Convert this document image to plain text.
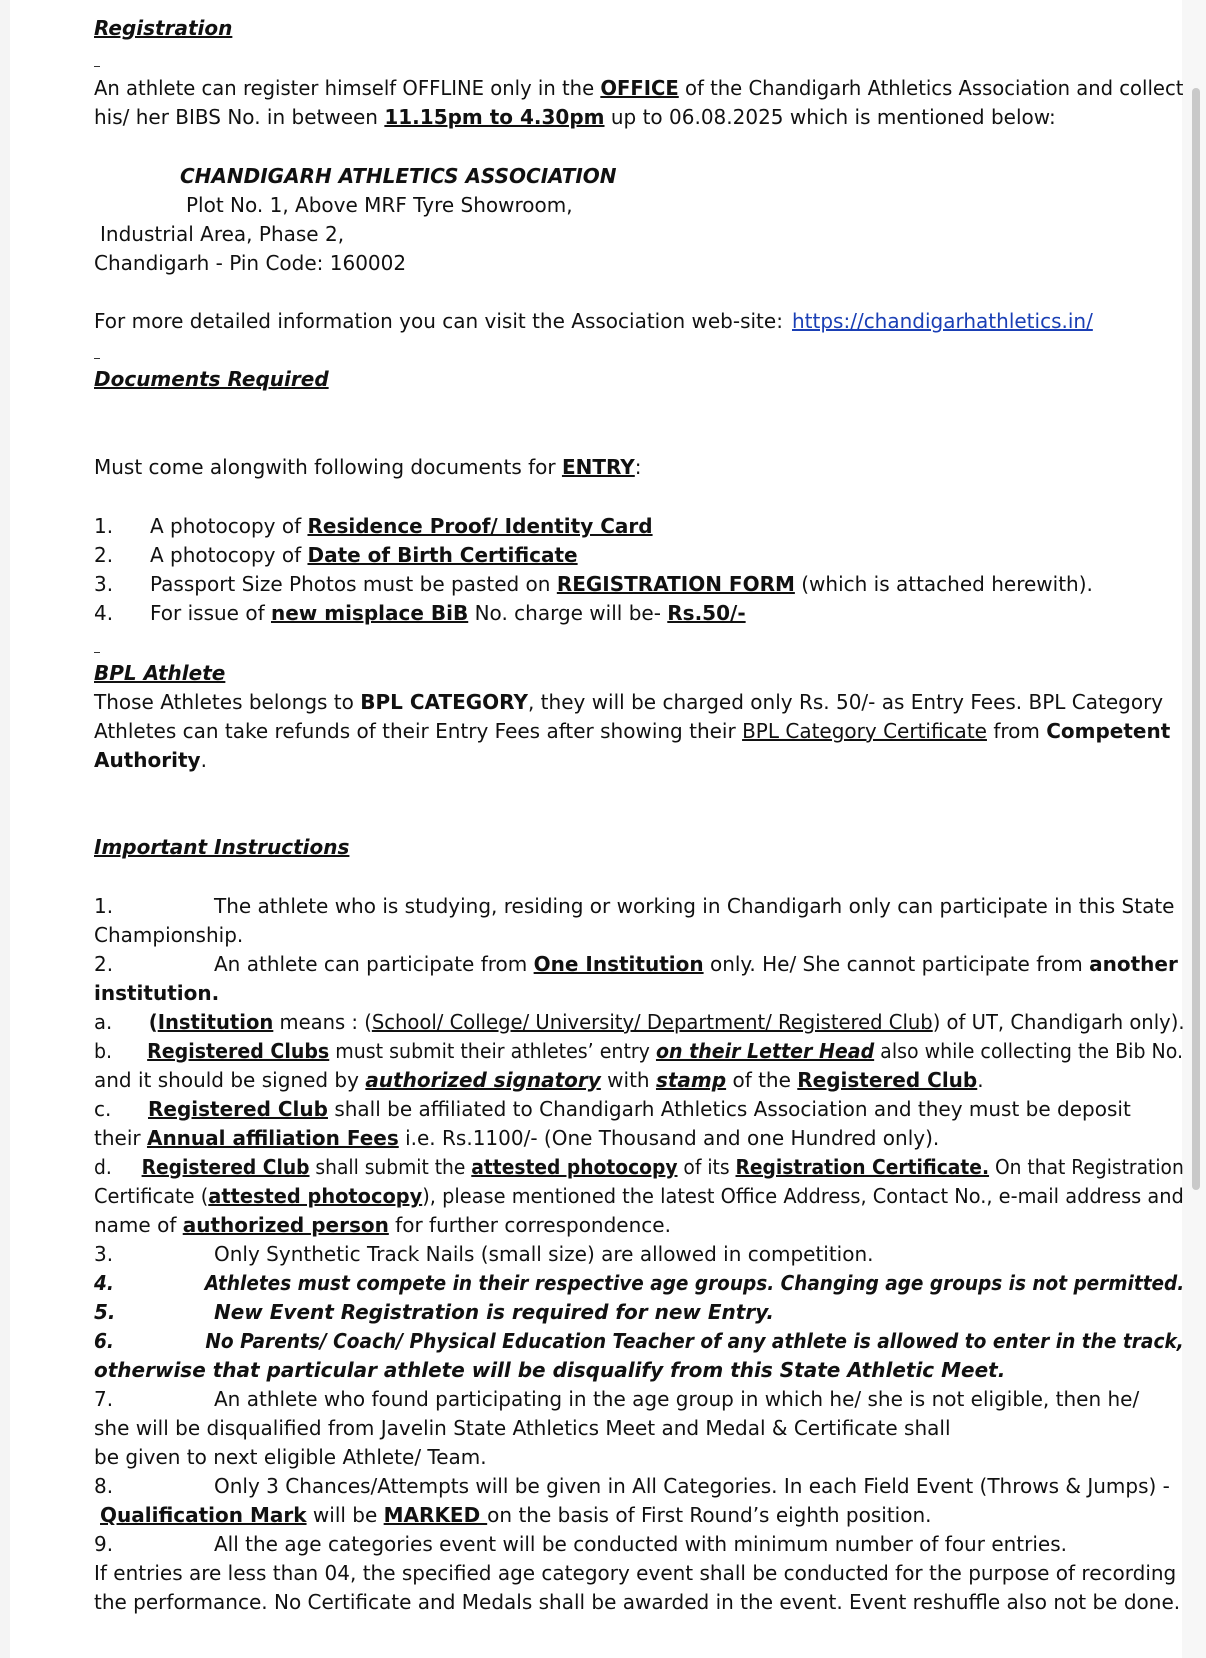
Registration
An athlete can register himself OFFLINE only in the OFFICE of the Chandigarh Athletics Association and collect
his/ her BIBS No. in between 11.15pm to 4.30pm up to 06.08.2025 which is mentioned below:
CHANDIGARH ATHLETICS ASSOCIATION
Plot No. 1, Above MRF Tyre Showroom,
Industrial Area, Phase 2,
Chandigarh - Pin Code: 160002
For more detailed information you can visit the Association web-site: https://chandigarhathletics.in/
Documents Required
Must come alongwith following documents for ENTRY:
1. A photocopy of Residence Proof/ Identity Card
2. A photocopy of Date of Birth Certificate
3. Passport Size Photos must be pasted on REGISTRATION FORM (which is attached herewith).
4. For issue of new misplace BiB No. charge will be- Rs.50/-
BPL Athlete
Those Athletes belongs to BPL CATEGORY, they will be charged only Rs. 50/- as Entry Fees. BPL Category
Athletes can take refunds of their Entry Fees after showing their BPL Category Certificate from Competent
Authority.
Important Instructions
1.	The athlete who is studying, residing or working in Chandigarh only can participate in this State
Championship.
2.	An athlete can participate from One Institution only. He/ She cannot participate from another
institution.
a. (Institution means : (School/ College/ University/ Department/ Registered Club) of UT, Chandigarh only).
b. Registered Clubs must submit their athletes’ entry on their Letter Head also while collecting the Bib No.
and it should be signed by authorized signatory with stamp of the Registered Club.
c. Registered Club shall be affiliated to Chandigarh Athletics Association and they must be deposit
their Annual affiliation Fees i.e. Rs.1100/- (One Thousand and one Hundred only).
d. Registered Club shall submit the attested photocopy of its Registration Certificate. On that Registration
Certificate (attested photocopy), please mentioned the latest Office Address, Contact No., e-mail address and
name of authorized person for further correspondence.
3.	Only Synthetic Track Nails (small size) are allowed in competition.
4.	Athletes must compete in their respective age groups. Changing age groups is not permitted.
5.	New Event Registration is required for new Entry.
6.	No Parents/ Coach/ Physical Education Teacher of any athlete is allowed to enter in the track,
otherwise that particular athlete will be disqualify from this State Athletic Meet.
7.	An athlete who found participating in the age group in which he/ she is not eligible, then he/
she will be disqualified from Javelin State Athletics Meet and Medal & Certificate shall
be given to next eligible Athlete/ Team.
8.	Only 3 Chances/Attempts will be given in All Categories. In each Field Event (Throws & Jumps) -
Qualification Mark will be MARKED on the basis of First Round’s eighth position.
9.	All the age categories event will be conducted with minimum number of four entries.
If entries are less than 04, the specified age category event shall be conducted for the purpose of recording
the performance. No Certificate and Medals shall be awarded in the event. Event reshuffle also not be done.
